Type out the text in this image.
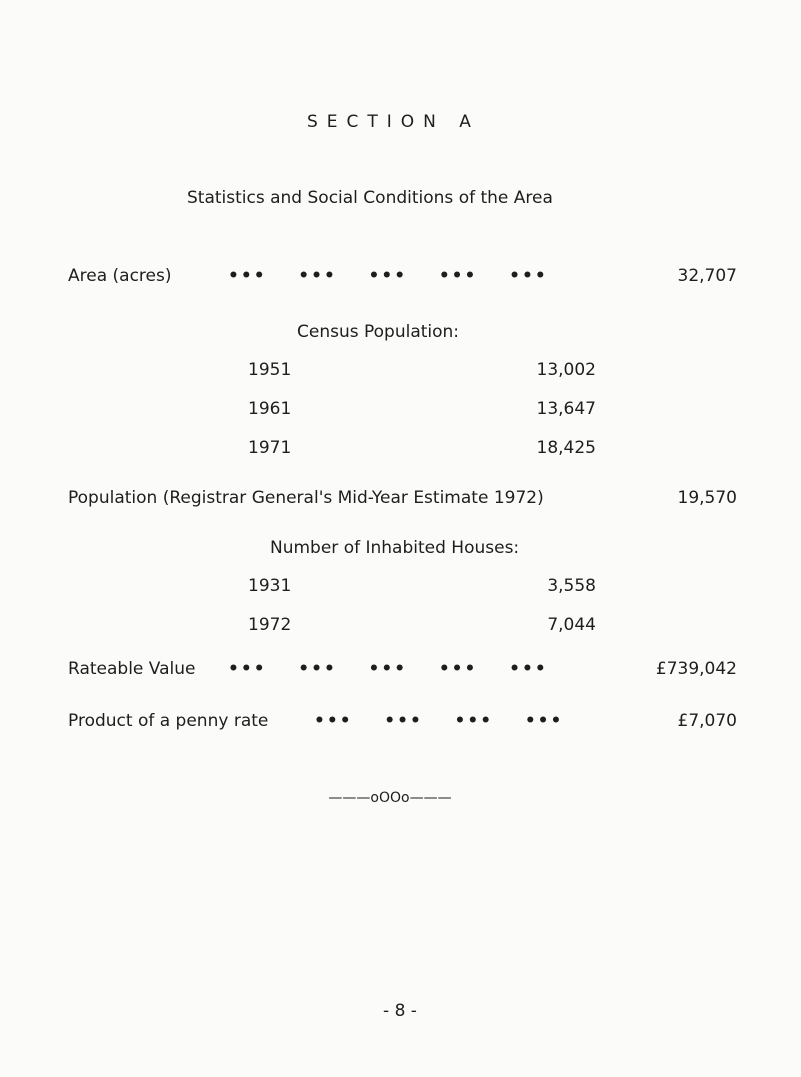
SECTION A
Statistics and Social Conditions of the Area
Area (acres)	•••    •••    •••    •••    •••	32,707
Census Population:
1951	13,002
1961	13,647
1971	18,425
Population (Registrar General's Mid-Year Estimate 1972)	19,570
Number of Inhabited Houses:
1931	3,558
1972	7,044
Rateable Value •••    •••    •••    •••    •••	£739,042
Product of a penny rate	•••    •••    •••    •••	£7,070
———oOOo———
- 8 -
